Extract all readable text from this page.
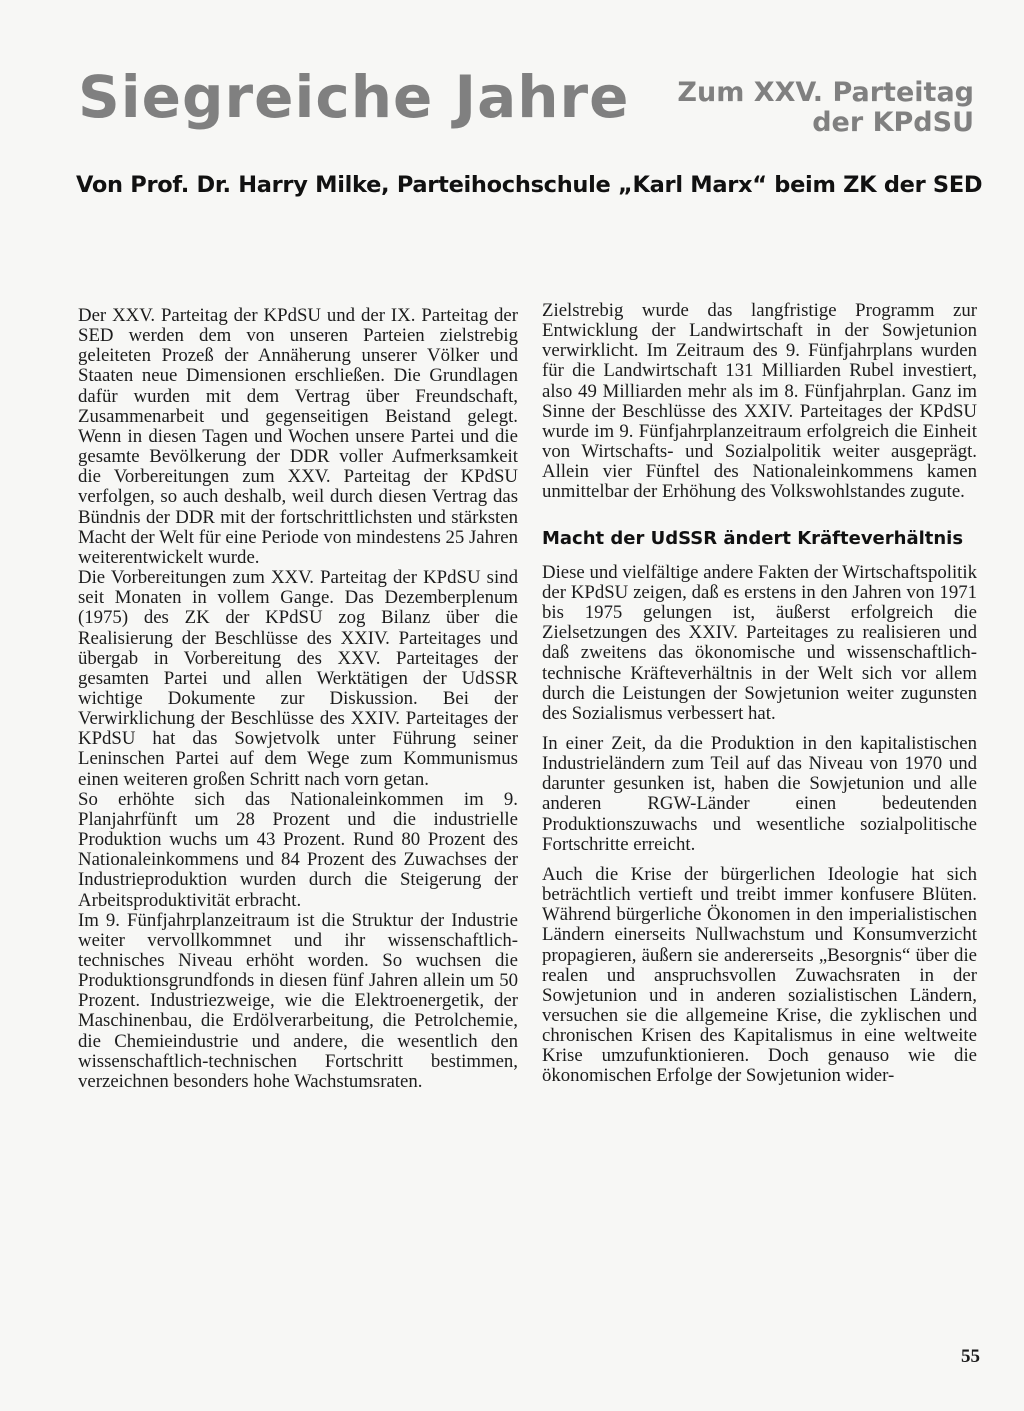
Siegreiche Jahre	Zum XXV. Parteitag
der KPdSU
Von Prof. Dr. Harry Milke, Parteihochschule „Karl Marx“ beim ZK der SED

Der XXV. Parteitag der KPdSU und der IX. Parteitag der SED werden dem von unseren Parteien zielstrebig geleiteten Prozeß der Annäherung unserer Völker und Staaten neue Dimensionen erschließen. Die Grundlagen dafür wurden mit dem Vertrag über Freundschaft, Zusammenarbeit und gegenseitigen Beistand gelegt. Wenn in diesen Tagen und Wochen unsere Partei und die gesamte Bevölkerung der DDR voller Aufmerksamkeit die Vorbereitungen zum XXV. Parteitag der KPdSU verfolgen, so auch deshalb, weil durch diesen Vertrag das Bündnis der DDR mit der fortschrittlichsten und stärksten Macht der Welt für eine Periode von mindestens 25 Jahren weiterentwickelt wurde.

Die Vorbereitungen zum XXV. Parteitag der KPdSU sind seit Monaten in vollem Gange. Das Dezemberplenum (1975) des ZK der KPdSU zog Bilanz über die Realisierung der Beschlüsse des XXIV. Parteitages und übergab in Vorbereitung des XXV. Parteitages der gesamten Partei und allen Werktätigen der UdSSR wichtige Dokumente zur Diskussion. Bei der Verwirklichung der Beschlüsse des XXIV. Parteitages der KPdSU hat das Sowjetvolk unter Führung seiner Leninschen Partei auf dem Wege zum Kommunismus einen weiteren großen Schritt nach vorn getan.

So erhöhte sich das Nationaleinkommen im 9. Planjahrfünft um 28 Prozent und die industrielle Produktion wuchs um 43 Prozent. Rund 80 Prozent des Nationaleinkommens und 84 Prozent des Zuwachses der Industrieproduktion wurden durch die Steigerung der Arbeitsproduktivität erbracht.

Im 9. Fünfjahrplanzeitraum ist die Struktur der Industrie weiter vervollkommnet und ihr wissenschaftlich-technisches Niveau erhöht worden. So wuchsen die Produktionsgrundfonds in diesen fünf Jahren allein um 50 Prozent. Industriezweige, wie die Elektroenergetik, der Maschinenbau, die Erdölverarbeitung, die Petrolchemie, die Chemieindustrie und andere, die wesentlich den wissenschaftlich-technischen Fortschritt bestimmen, verzeichnen besonders hohe Wachstumsraten.

Zielstrebig wurde das langfristige Programm zur Entwicklung der Landwirtschaft in der Sowjetunion verwirklicht. Im Zeitraum des 9. Fünfjahrplans wurden für die Landwirtschaft 131 Milliarden Rubel investiert, also 49 Milliarden mehr als im 8. Fünfjahrplan. Ganz im Sinne der Beschlüsse des XXIV. Parteitages der KPdSU wurde im 9. Fünfjahrplanzeitraum erfolgreich die Einheit von Wirtschafts- und Sozialpolitik weiter ausgeprägt. Allein vier Fünftel des Nationaleinkommens kamen unmittelbar der Erhöhung des Volkswohlstandes zugute.

Macht der UdSSR ändert Kräfteverhältnis

Diese und vielfältige andere Fakten der Wirtschaftspolitik der KPdSU zeigen, daß es erstens in den Jahren von 1971 bis 1975 gelungen ist, äußerst erfolgreich die Zielsetzungen des XXIV. Parteitages zu realisieren und daß zweitens das ökonomische und wissenschaftlich-technische Kräfteverhältnis in der Welt sich vor allem durch die Leistungen der Sowjetunion weiter zugunsten des Sozialismus verbessert hat.

In einer Zeit, da die Produktion in den kapitalistischen Industrieländern zum Teil auf das Niveau von 1970 und darunter gesunken ist, haben die Sowjetunion und alle anderen RGW-Länder einen bedeutenden Produktionszuwachs und wesentliche sozialpolitische Fortschritte erreicht.

Auch die Krise der bürgerlichen Ideologie hat sich beträchtlich vertieft und treibt immer konfusere Blüten. Während bürgerliche Ökonomen in den imperialistischen Ländern einerseits Nullwachstum und Konsumverzicht propagieren, äußern sie andererseits „Besorgnis“ über die realen und anspruchsvollen Zuwachsraten in der Sowjetunion und in anderen sozialistischen Ländern, versuchen sie die allgemeine Krise, die zyklischen und chronischen Krisen des Kapitalismus in eine weltweite Krise umzufunktionieren. Doch genauso wie die ökonomischen Erfolge der Sowjetunion wider-

55
